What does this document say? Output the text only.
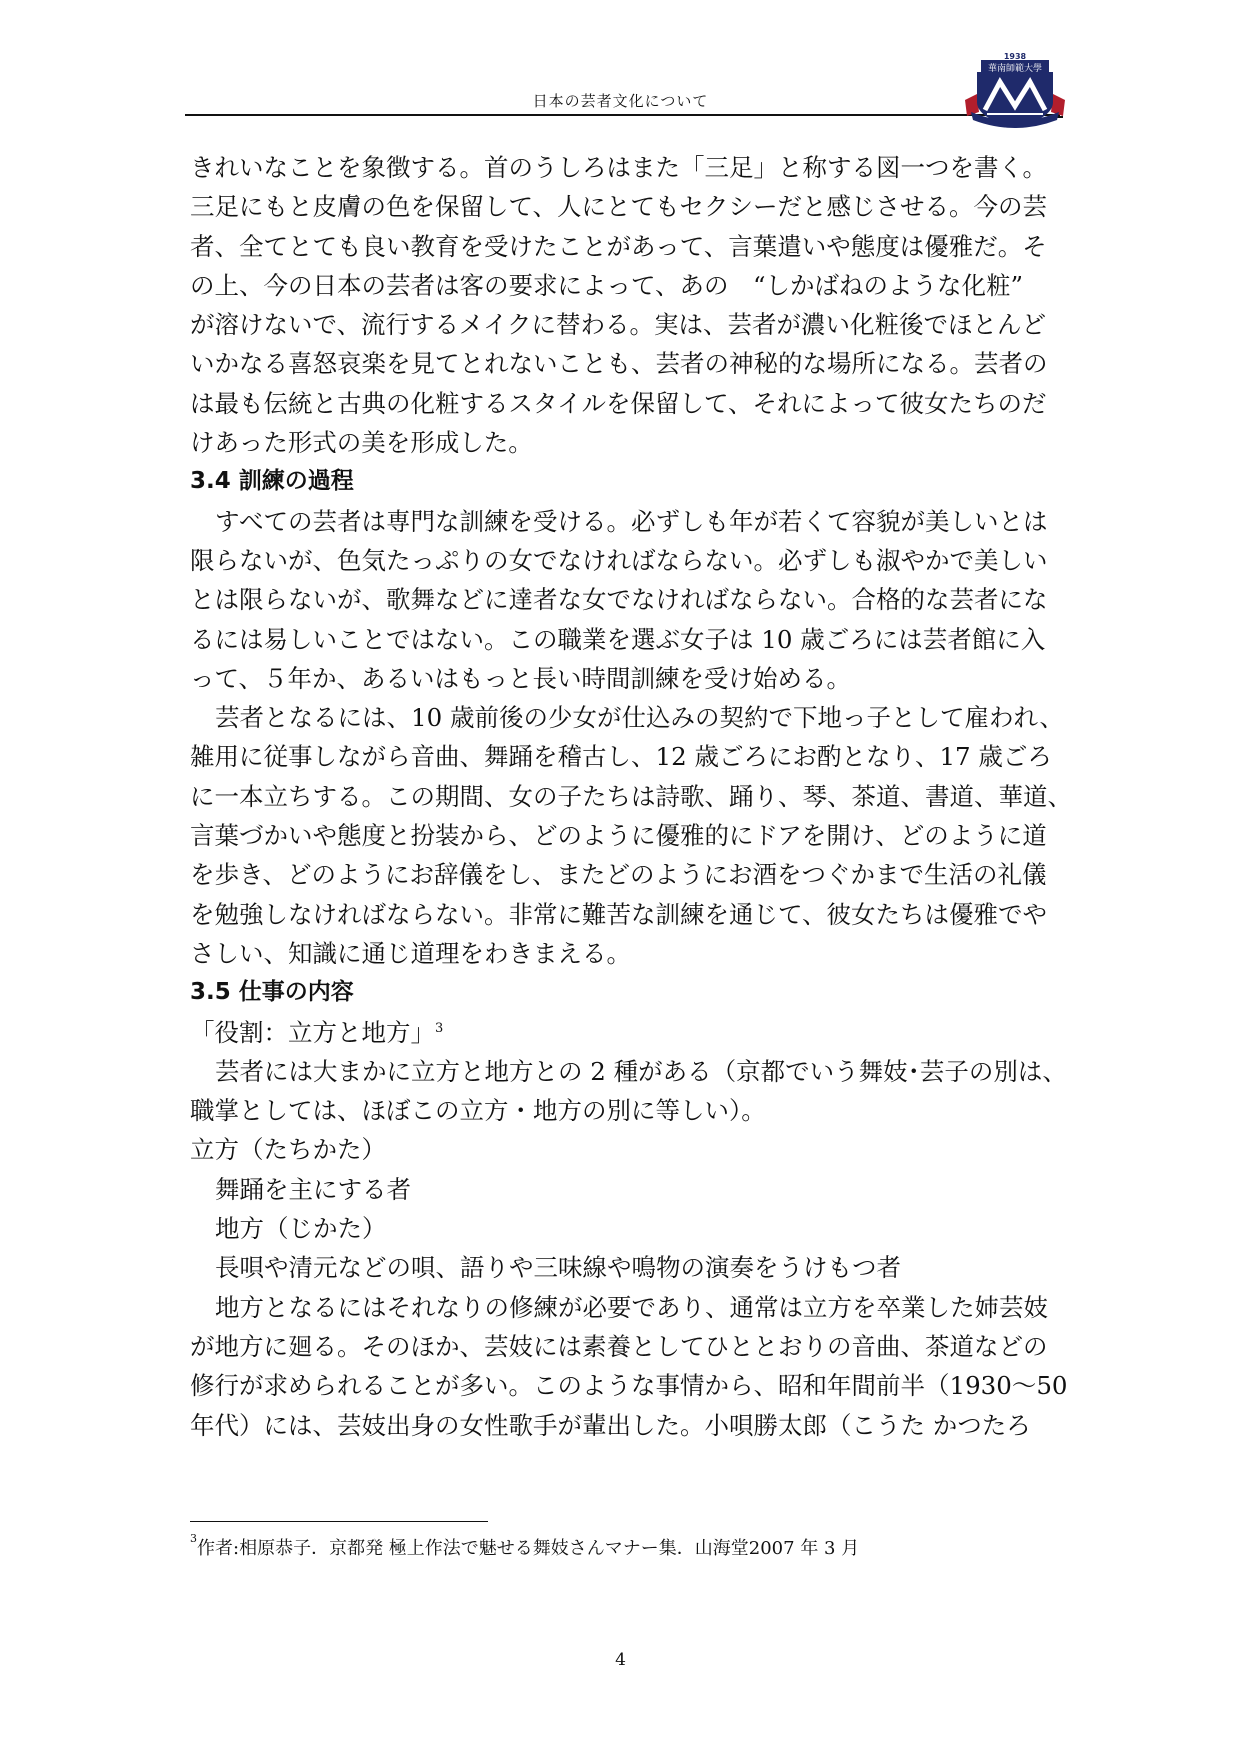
日本の芸者文化について
1938
華南師範大學
きれいなことを象徴する。首のうしろはまた「三足」と称する図一つを書く。
三足にもと皮膚の色を保留して、人にとてもセクシーだと感じさせる。今の芸
者、全てとても良い教育を受けたことがあって、言葉遣いや態度は優雅だ。そ
の上、今の日本の芸者は客の要求によって、あの　“しかばねのような化粧”
が溶けないで、流行するメイクに替わる。実は、芸者が濃い化粧後でほとんど
いかなる喜怒哀楽を見てとれないことも、芸者の神秘的な場所になる。芸者の
は最も伝統と古典の化粧するスタイルを保留して、それによって彼女たちのだ
けあった形式の美を形成した。
3.4 訓練の過程
すべての芸者は専門な訓練を受ける。必ずしも年が若くて容貌が美しいとは
限らないが、色気たっぷりの女でなければならない。必ずしも淑やかで美しい
とは限らないが、歌舞などに達者な女でなければならない。合格的な芸者にな
るには易しいことではない。この職業を選ぶ女子は 10 歳ごろには芸者館に入
って、５年か、あるいはもっと長い時間訓練を受け始める。
芸者となるには、10 歳前後の少女が仕込みの契約で下地っ子として雇われ、
雑用に従事しながら音曲、舞踊を稽古し、12 歳ごろにお酌となり、17 歳ごろ
に一本立ちする。この期間、女の子たちは詩歌、踊り、琴、茶道、書道、華道、
言葉づかいや態度と扮装から、どのように優雅的にドアを開け、どのように道
を歩き、どのようにお辞儀をし、またどのようにお酒をつぐかまで生活の礼儀
を勉強しなければならない。非常に難苦な訓練を通じて、彼女たちは優雅でや
さしい、知識に通じ道理をわきまえる。
3.5 仕事の内容
「役割：立方と地方」$^3$
芸者には大まかに立方と地方との 2 種がある（京都でいう舞妓･芸子の別は、
職掌としては、ほぼこの立方・地方の別に等しい）。
立方（たちかた）
舞踊を主にする者
地方（じかた）
長唄や清元などの唄、語りや三味線や鳴物の演奏をうけもつ者
地方となるにはそれなりの修練が必要であり、通常は立方を卒業した姉芸妓
が地方に廻る。そのほか、芸妓には素養としてひととおりの音曲、茶道などの
修行が求められることが多い。このような事情から、昭和年間前半（1930～50
年代）には、芸妓出身の女性歌手が輩出した。小唄勝太郎（こうた かつたろ
$^3$作者:相原恭子．京都発 極上作法で魅せる舞妓さんマナー集．山海堂2007 年 3 月
4
